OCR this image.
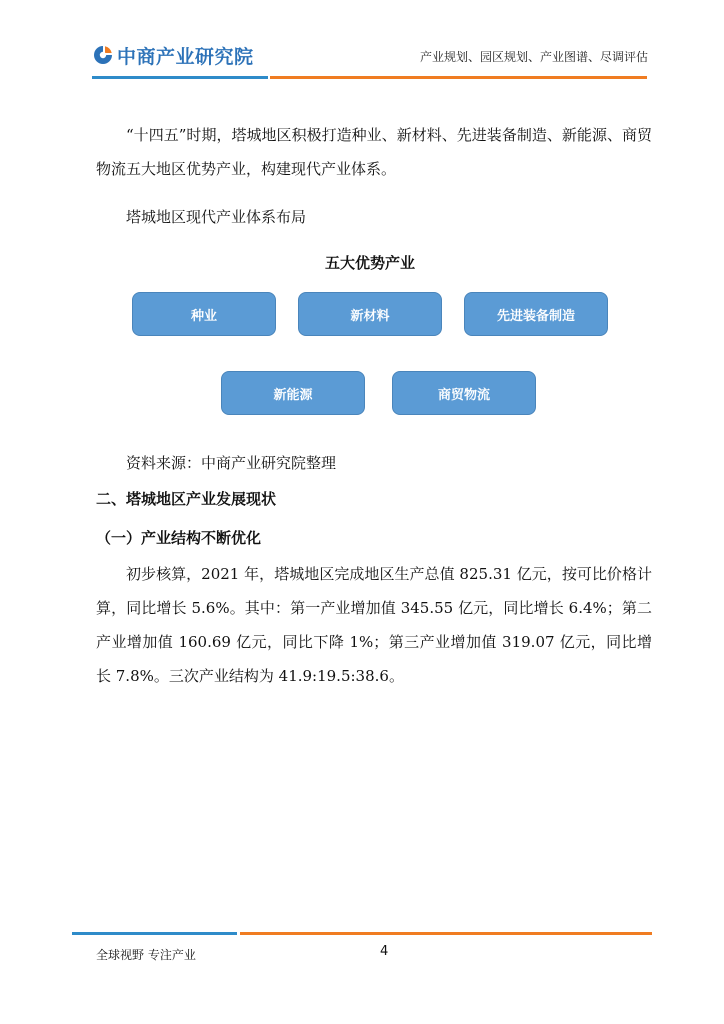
中商产业研究院	产业规划、园区规划、产业图谱、尽调评估

“十四五”时期，塔城地区积极打造种业、新材料、先进装备制造、新能源、商贸物流五大地区优势产业，构建现代产业体系。

塔城地区现代产业体系布局
五大优势产业
种业	新材料	先进装备制造
新能源	商贸物流
资料来源：中商产业研究院整理
二、塔城地区产业发展现状
（一）产业结构不断优化

初步核算，2021 年，塔城地区完成地区生产总值 825.31 亿元，按可比价格计算，同比增长 5.6%。其中：第一产业增加值 345.55 亿元，同比增长 6.4%；第二产业增加值 160.69 亿元，同比下降 1%；第三产业增加值 319.07 亿元，同比增长 7.8%。三次产业结构为 41.9:19.5:38.6。

全球视野 专注产业	4
